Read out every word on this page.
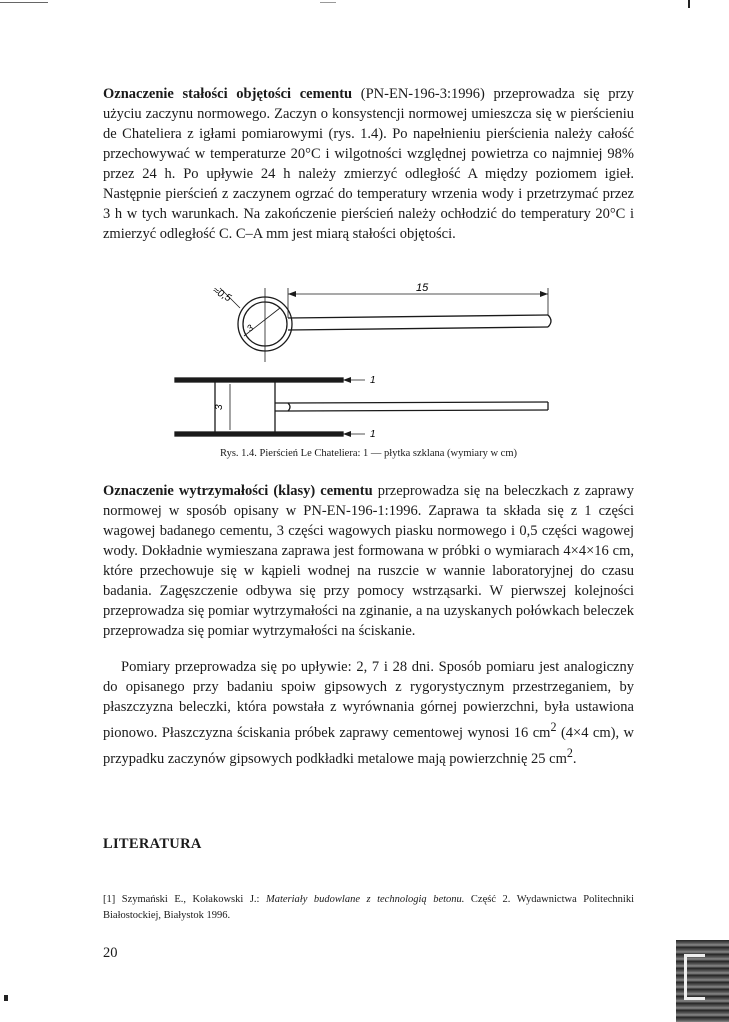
Oznaczenie stałości objętości cementu (PN-EN-196-3:1996) przeprowadza się przy użyciu zaczynu normowego. Zaczyn o konsystencji normowej umieszcza się w pierścieniu de Chateliera z igłami pomiarowymi (rys. 1.4). Po napełnieniu pierścienia należy całość przechowywać w temperaturze 20°C i wilgotności względnej powietrza co najmniej 98% przez 24 h. Po upływie 24 h należy zmierzyć odległość A między poziomem igieł. Następnie pierścień z zaczynem ogrzać do temperatury wrzenia wody i przetrzymać przez 3 h w tych warunkach. Na zakończenie pierścień należy ochłodzić do temperatury 20°C i zmierzyć odległość C. C–A mm jest miarą stałości objętości.

≈0,5	15
3
3
1
1
Rys. 1.4. Pierścień Le Chateliera: 1 — płytka szklana (wymiary w cm)

Oznaczenie wytrzymałości (klasy) cementu przeprowadza się na beleczkach z zaprawy normowej w sposób opisany w PN-EN-196-1:1996. Zaprawa ta składa się z 1 części wagowej badanego cementu, 3 części wagowych piasku normowego i 0,5 części wagowej wody. Dokładnie wymieszana zaprawa jest formowana w próbki o wymiarach 4×4×16 cm, które przechowuje się w kąpieli wodnej na ruszcie w wannie laboratoryjnej do czasu badania. Zagęszczenie odbywa się przy pomocy wstrząsarki. W pierwszej kolejności przeprowadza się pomiar wytrzymałości na zginanie, a na uzyskanych połówkach beleczek przeprowadza się pomiar wytrzymałości na ściskanie.

Pomiary przeprowadza się po upływie: 2, 7 i 28 dni. Sposób pomiaru jest analogiczny do opisanego przy badaniu spoiw gipsowych z rygorystycznym przestrzeganiem, by płaszczyzna beleczki, która powstała z wyrównania górnej powierzchni, była ustawiona pionowo. Płaszczyzna ściskania próbek zaprawy cementowej wynosi 16 $cm^2$ (4×4 cm), w przypadku zaczynów gipsowych podkładki metalowe mają powierzchnię 25 $cm^2$.

LITERATURA
[1] Szymański E., Kołakowski J.: Materiały budowlane z technologią betonu. Część 2. Wydawnictwa Politechniki Białostockiej, Białystok 1996.
20
